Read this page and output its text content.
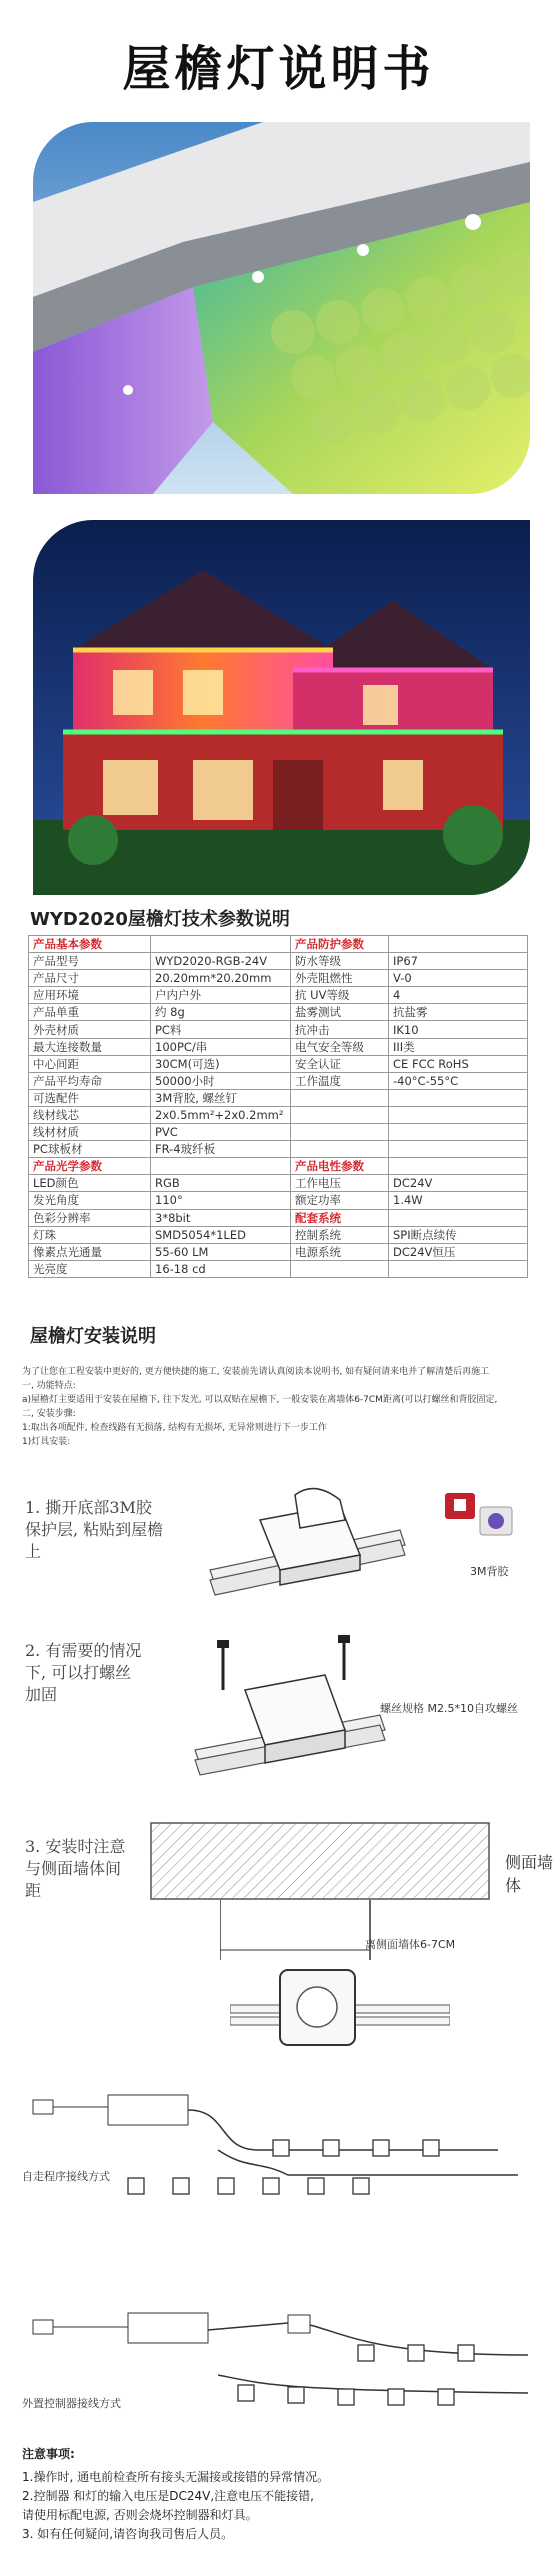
屋檐灯说明书
WYD2020屋檐灯技术参数说明
产品基本参数		产品防护参数	
产品型号	WYD2020-RGB-24V	防水等级	IP67
产品尺寸	20.20mm*20.20mm	外壳阻燃性	V-0
应用环境	户内户外	抗 UV等级	4
产品单重	约 8g	盐雾测试	抗盐雾
外壳材质	PC料	抗冲击	IK10
最大连接数量	100PC/串	电气安全等级	III类
中心间距	30CM(可选)	安全认证	CE FCC RoHS
产品平均寿命	50000小时	工作温度	-40°C-55°C
可选配件	3M背胶, 螺丝钉		
线材线芯	2x0.5mm²+2x0.2mm²		
线材材质	PVC		
PC球板材	FR-4玻纤板		
产品光学参数		产品电性参数	
LED颜色	RGB	工作电压	DC24V
发光角度	110°	额定功率	1.4W
色彩分辨率	3*8bit	配套系统	
灯珠	SMD5054*1LED	控制系统	SPI断点续传
像素点光通量	55-60 LM	电源系统	DC24V恒压
光亮度	16-18 cd		
屋檐灯安装说明
为了让您在工程安装中更好的, 更方便快捷的施工, 安装前先请认真阅读本说明书, 如有疑问请来电并了解清楚后再施工
一, 功能特点:
a)屋檐灯主要适用于安装在屋檐下, 往下发光, 可以双贴在屋檐下, 一般安装在离墙体6-7CM距离(可以打螺丝和背胶固定,
二, 安装步骤:
1:取出各项配件, 检查线路有无损落, 结构有无损坏, 无异常则进行下一步工作
1)灯具安装:
1. 撕开底部3M胶保护层, 粘贴到屋檐上
3M背胶
2. 有需要的情况下, 可以打螺丝加固
螺丝规格 M2.5*10自攻螺丝
3. 安装时注意与侧面墙体间距
侧面墙体
离侧面墙体6-7CM
自走程序接线方式
外置控制器接线方式
注意事项:
1.操作时, 通电前检查所有接头无漏接或接错的异常情况。
2.控制器 和灯的输入电压是DC24V,注意电压不能接错,
请使用标配电源, 否则会烧坏控制器和灯具。
3. 如有任何疑问,请咨询我司售后人员。
